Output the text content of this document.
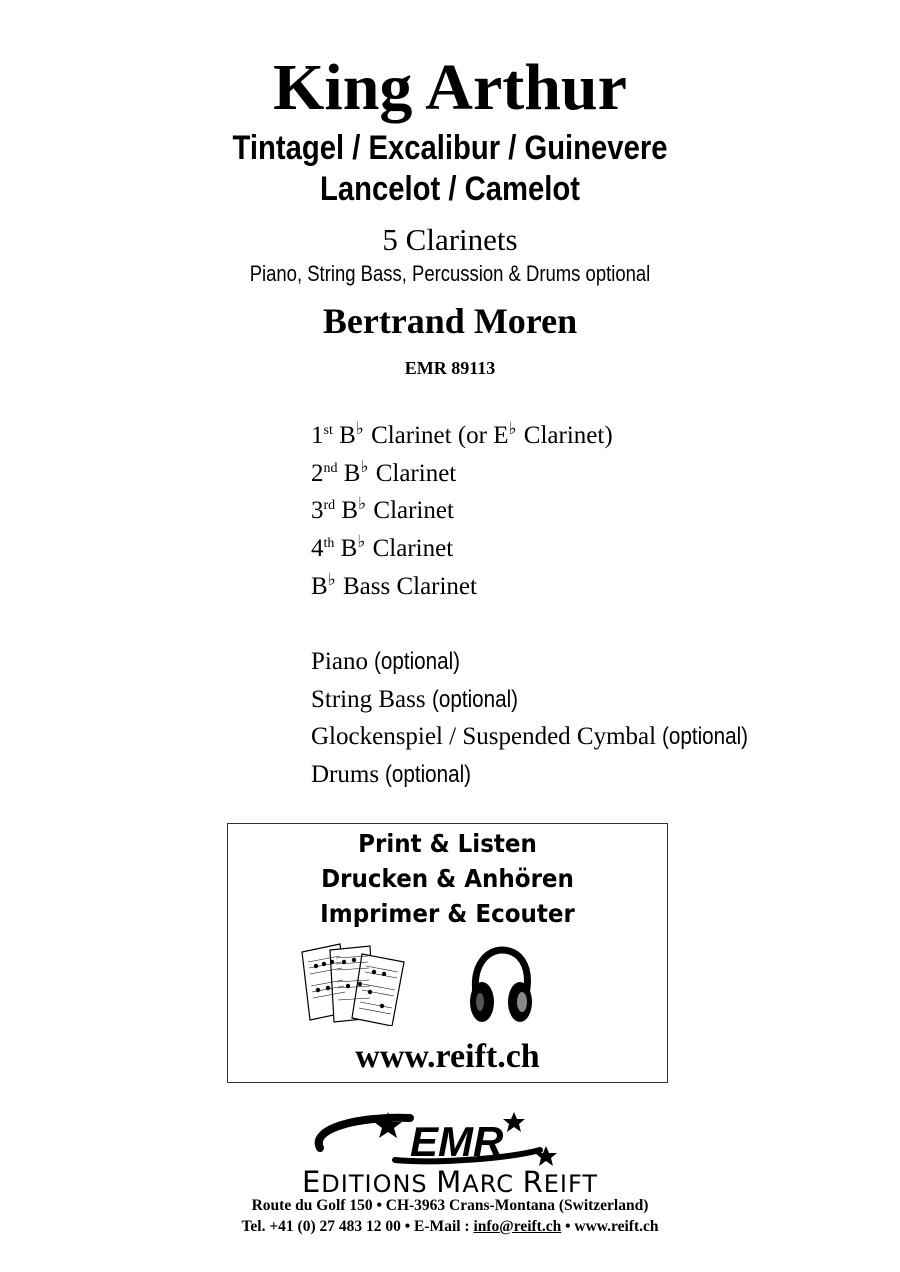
King Arthur
Tintagel / Excalibur / Guinevere
Lancelot / Camelot
5 Clarinets
Piano, String Bass, Percussion & Drums optional
Bertrand Moren
EMR 89113
1st B♭ Clarinet (or E♭ Clarinet)
2nd B♭ Clarinet
3rd B♭ Clarinet
4th B♭ Clarinet
B♭ Bass Clarinet
Piano (optional)
String Bass (optional)
Glockenspiel / Suspended Cymbal (optional)
Drums (optional)
Print & Listen
Drucken & Anhören
Imprimer & Ecouter
www.reift.ch
EMR
EDITIONS MARC REIFT
Route du Golf 150 • CH-3963 Crans-Montana (Switzerland)
Tel. +41 (0) 27 483 12 00 • E-Mail : info@reift.ch • www.reift.ch
